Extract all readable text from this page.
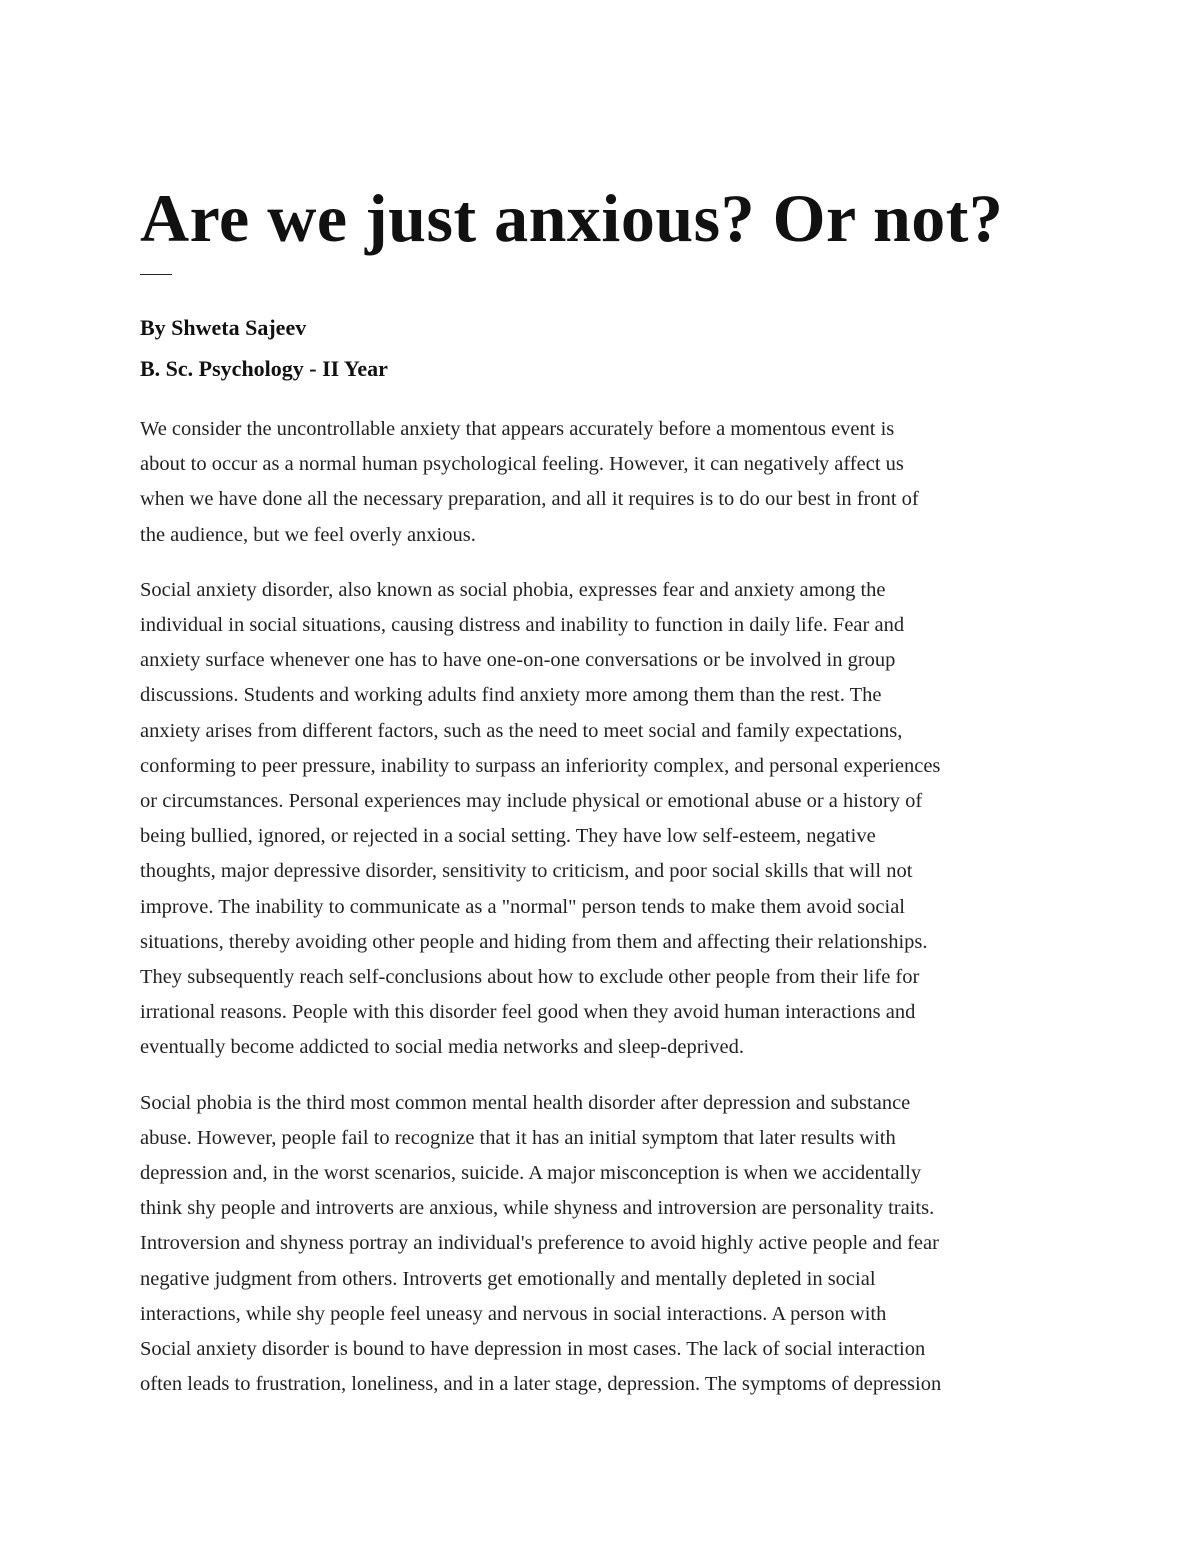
Are we just anxious? Or not?

By Shweta Sajeev

B. Sc. Psychology - II Year

We consider the uncontrollable anxiety that appears accurately before a momentous event is
about to occur as a normal human psychological feeling. However, it can negatively affect us
when we have done all the necessary preparation, and all it requires is to do our best in front of
the audience, but we feel overly anxious.

Social anxiety disorder, also known as social phobia, expresses fear and anxiety among the
individual in social situations, causing distress and inability to function in daily life. Fear and
anxiety surface whenever one has to have one-on-one conversations or be involved in group
discussions. Students and working adults find anxiety more among them than the rest. The
anxiety arises from different factors, such as the need to meet social and family expectations,
conforming to peer pressure, inability to surpass an inferiority complex, and personal experiences
or circumstances. Personal experiences may include physical or emotional abuse or a history of
being bullied, ignored, or rejected in a social setting. They have low self-esteem, negative
thoughts, major depressive disorder, sensitivity to criticism, and poor social skills that will not
improve. The inability to communicate as a "normal" person tends to make them avoid social
situations, thereby avoiding other people and hiding from them and affecting their relationships.
They subsequently reach self-conclusions about how to exclude other people from their life for
irrational reasons. People with this disorder feel good when they avoid human interactions and
eventually become addicted to social media networks and sleep-deprived.

Social phobia is the third most common mental health disorder after depression and substance
abuse. However, people fail to recognize that it has an initial symptom that later results with
depression and, in the worst scenarios, suicide. A major misconception is when we accidentally
think shy people and introverts are anxious, while shyness and introversion are personality traits.
Introversion and shyness portray an individual's preference to avoid highly active people and fear
negative judgment from others. Introverts get emotionally and mentally depleted in social
interactions, while shy people feel uneasy and nervous in social interactions. A person with
Social anxiety disorder is bound to have depression in most cases. The lack of social interaction
often leads to frustration, loneliness, and in a later stage, depression. The symptoms of depression
